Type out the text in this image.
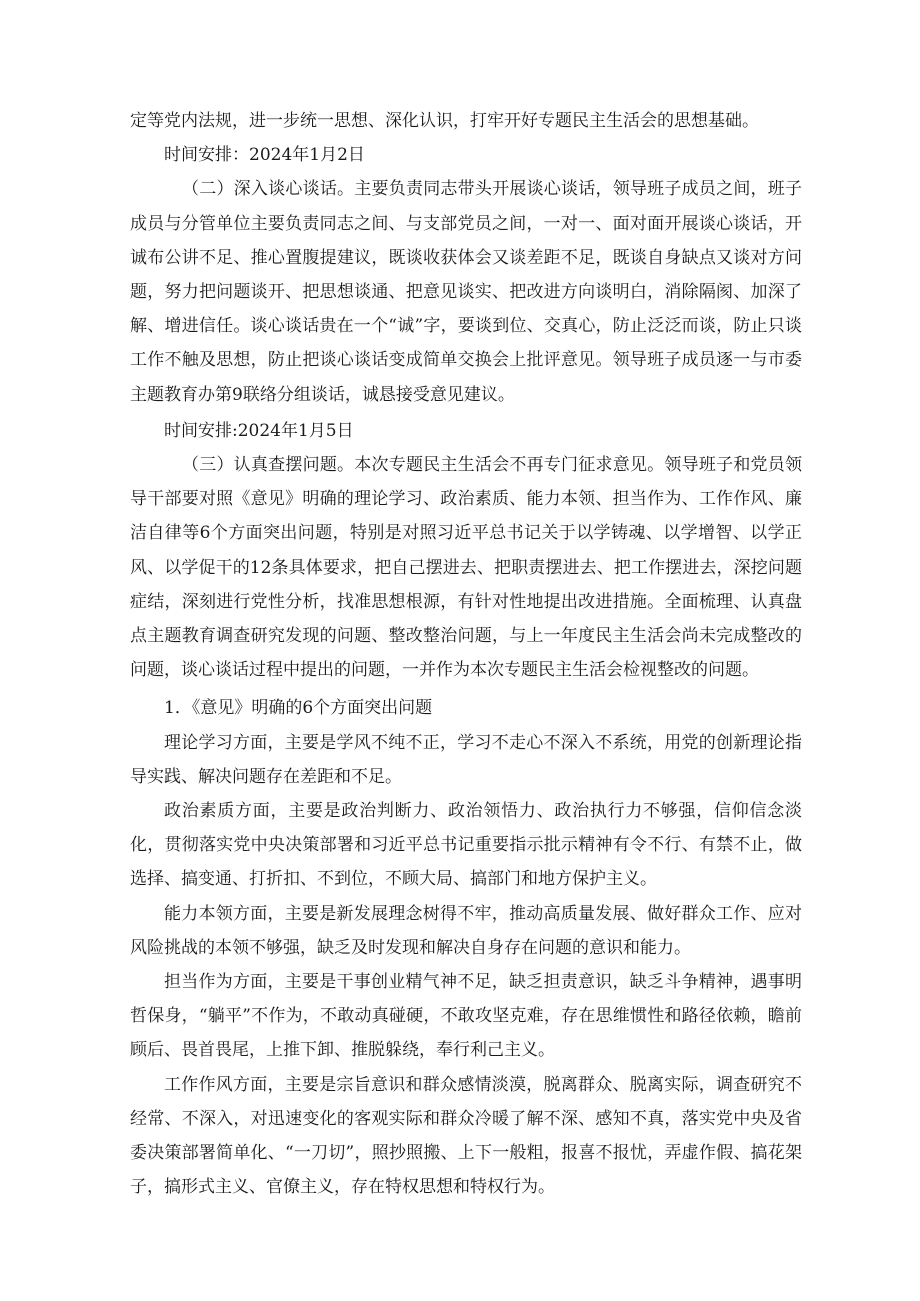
定等党内法规，进一步统一思想、深化认识，打牢开好专题民主生活会的思想基础。

时间安排：2024年1月2日

（二）深入谈心谈话。主要负责同志带头开展谈心谈话，领导班子成员之间，班子成员与分管单位主要负责同志之间、与支部党员之间，一对一、面对面开展谈心谈话，开诚布公讲不足、推心置腹提建议，既谈收获体会又谈差距不足，既谈自身缺点又谈对方问题，努力把问题谈开、把思想谈通、把意见谈实、把改进方向谈明白，消除隔阂、加深了解、增进信任。谈心谈话贵在一个“诚”字，要谈到位、交真心，防止泛泛而谈，防止只谈工作不触及思想，防止把谈心谈话变成简单交换会上批评意见。领导班子成员逐一与市委主题教育办第9联络分组谈话，诚恳接受意见建议。

时间安排:2024年1月5日

（三）认真查摆问题。本次专题民主生活会不再专门征求意见。领导班子和党员领导干部要对照《意见》明确的理论学习、政治素质、能力本领、担当作为、工作作风、廉洁自律等6个方面突出问题，特别是对照习近平总书记关于以学铸魂、以学增智、以学正风、以学促干的12条具体要求，把自己摆进去、把职责摆进去、把工作摆进去，深挖问题症结，深刻进行党性分析，找准思想根源，有针对性地提出改进措施。全面梳理、认真盘点主题教育调查研究发现的问题、整改整治问题，与上一年度民主生活会尚未完成整改的问题，谈心谈话过程中提出的问题，一并作为本次专题民主生活会检视整改的问题。

1．《意见》明确的6个方面突出问题

理论学习方面，主要是学风不纯不正，学习不走心不深入不系统，用党的创新理论指导实践、解决问题存在差距和不足。

政治素质方面，主要是政治判断力、政治领悟力、政治执行力不够强，信仰信念淡化，贯彻落实党中央决策部署和习近平总书记重要指示批示精神有令不行、有禁不止，做选择、搞变通、打折扣、不到位，不顾大局、搞部门和地方保护主义。

能力本领方面，主要是新发展理念树得不牢，推动高质量发展、做好群众工作、应对风险挑战的本领不够强，缺乏及时发现和解决自身存在问题的意识和能力。

担当作为方面，主要是干事创业精气神不足，缺乏担责意识，缺乏斗争精神，遇事明哲保身，“躺平”不作为，不敢动真碰硬，不敢攻坚克难，存在思维惯性和路径依赖，瞻前顾后、畏首畏尾，上推下卸、推脱躲绕，奉行利己主义。

工作作风方面，主要是宗旨意识和群众感情淡漠，脱离群众、脱离实际，调查研究不经常、不深入，对迅速变化的客观实际和群众冷暖了解不深、感知不真，落实党中央及省委决策部署简单化、“一刀切”，照抄照搬、上下一般粗，报喜不报忧，弄虚作假、搞花架子，搞形式主义、官僚主义，存在特权思想和特权行为。
